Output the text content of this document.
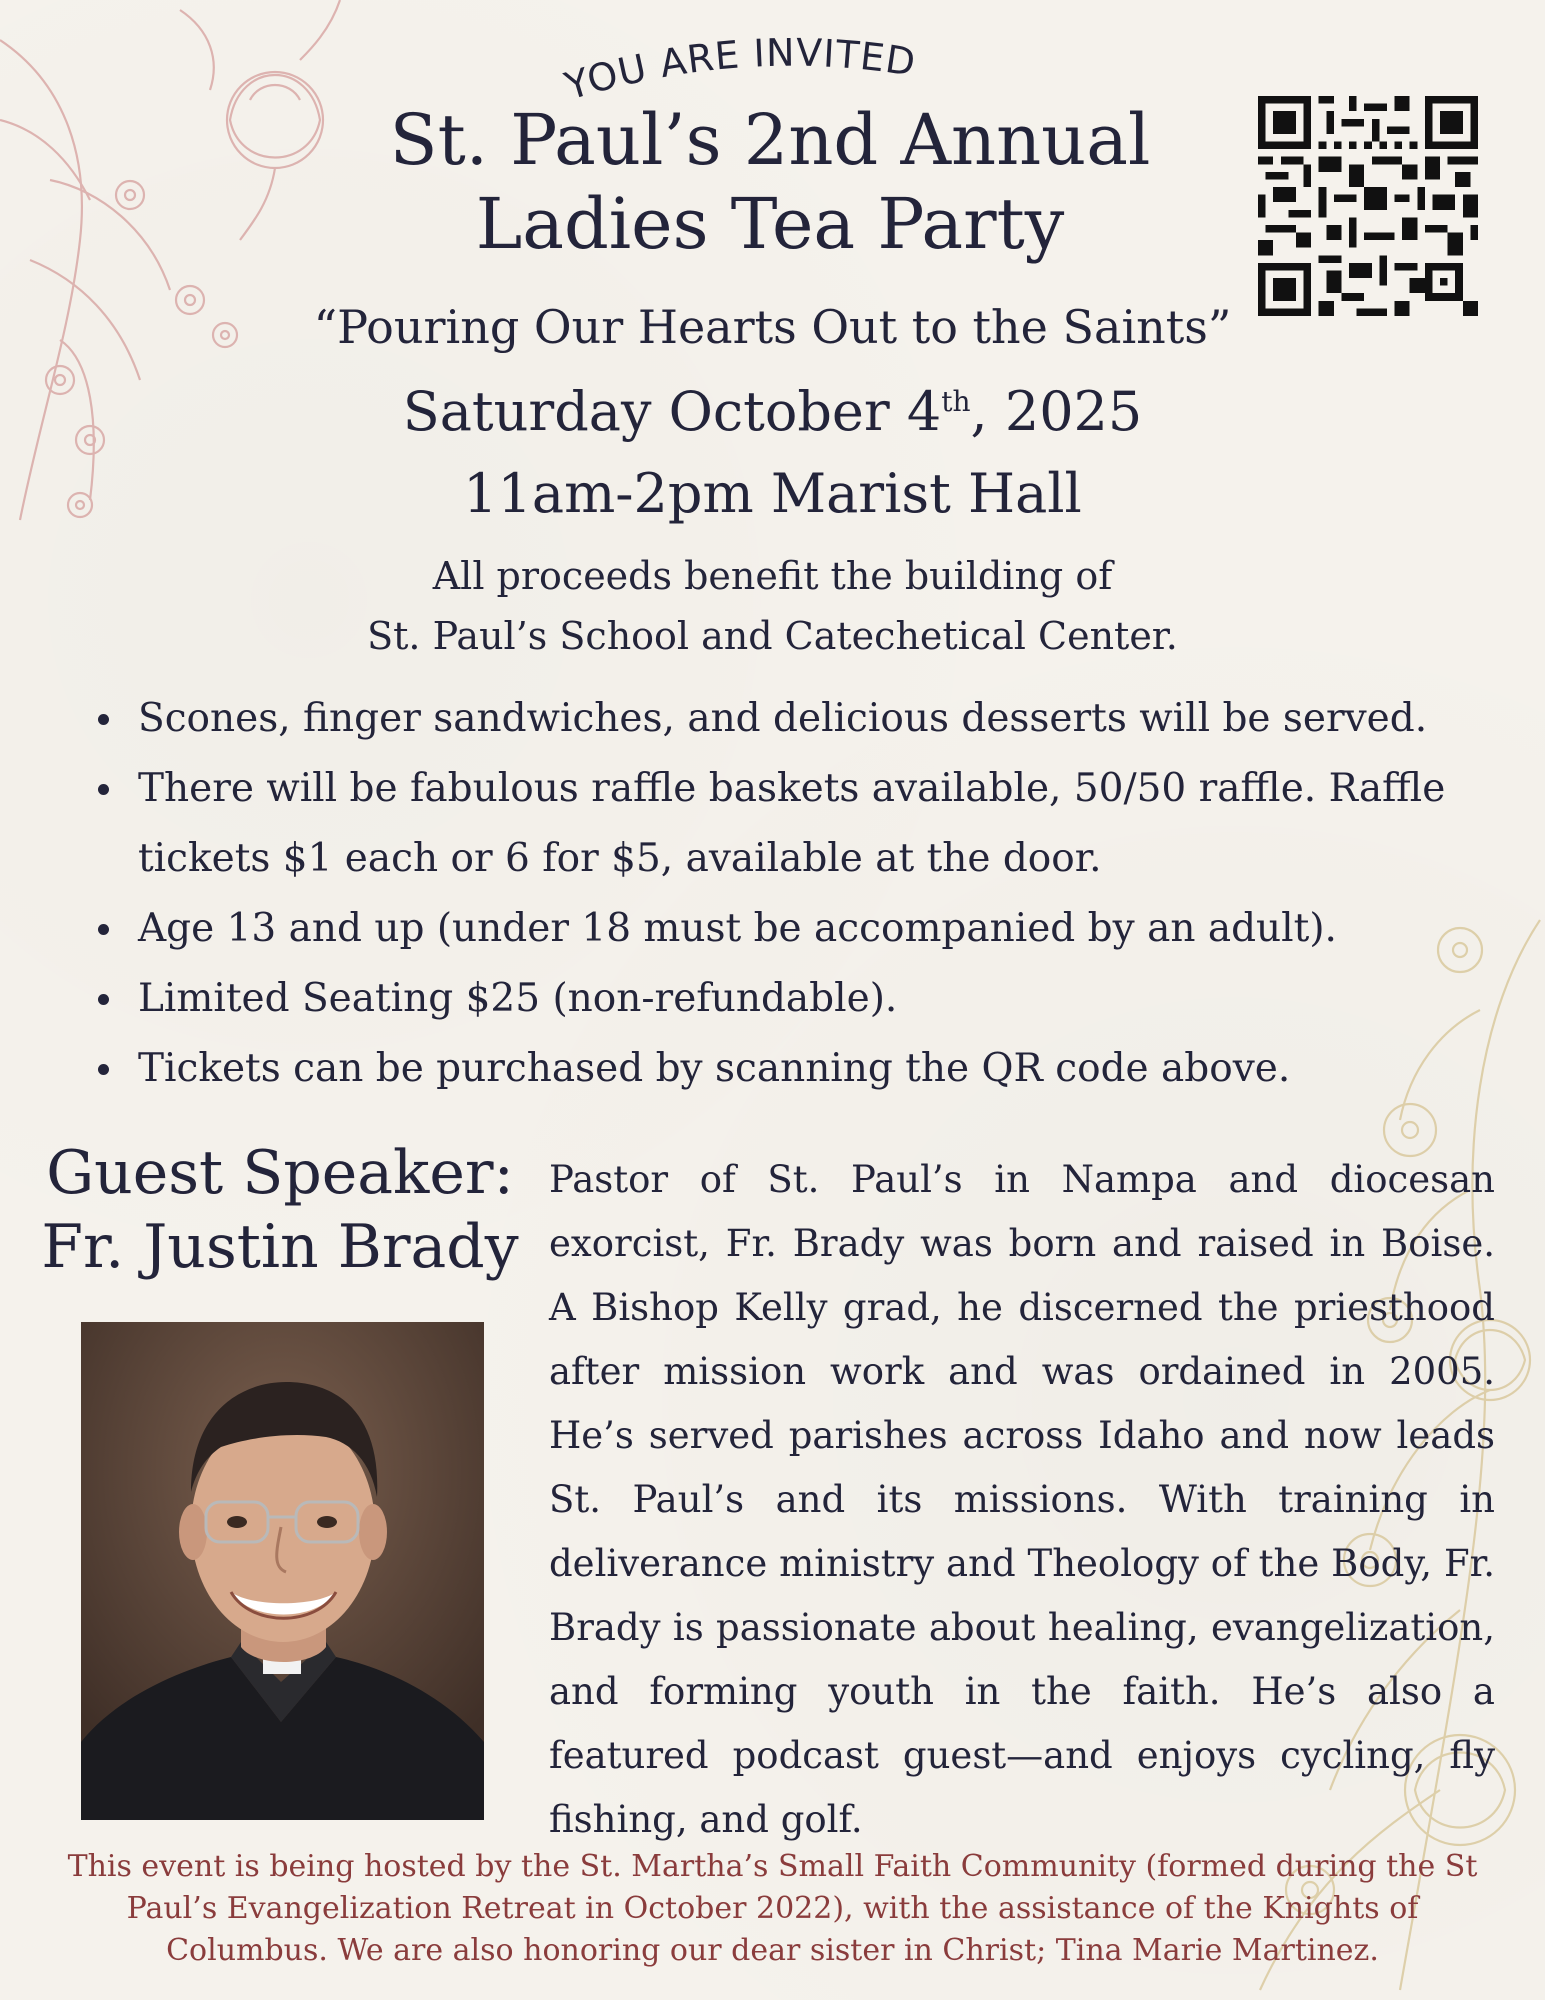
YOU ARE INVITED
St. Paul’s 2nd Annual
Ladies Tea Party
“Pouring Our Hearts Out to the Saints”
Saturday October 4th, 2025
11am-2pm Marist Hall
All proceeds benefit the building of
St. Paul’s School and Catechetical Center.
Scones, finger sandwiches, and delicious desserts will be served.
There will be fabulous raffle baskets available, 50/50 raffle. Raffle tickets $1 each or 6 for $5, available at the door.
Age 13 and up (under 18 must be accompanied by an adult).
Limited Seating $25 (non-refundable).
Tickets can be purchased by scanning the QR code above.
Guest Speaker:
Fr. Justin Brady
Pastor of St. Paul’s in Nampa and diocesan exorcist, Fr. Brady was born and raised in Boise. A Bishop Kelly grad, he discerned the priesthood after mission work and was ordained in 2005. He’s served parishes across Idaho and now leads St. Paul’s and its missions. With training in deliverance ministry and Theology of the Body, Fr. Brady is passionate about healing, evangelization, and forming youth in the faith. He’s also a featured podcast guest—and enjoys cycling, fly fishing, and golf.
This event is being hosted by the St. Martha’s Small Faith Community (formed during the St Paul’s Evangelization Retreat in October 2022), with the assistance of the Knights of Columbus. We are also honoring our dear sister in Christ; Tina Marie Martinez.
